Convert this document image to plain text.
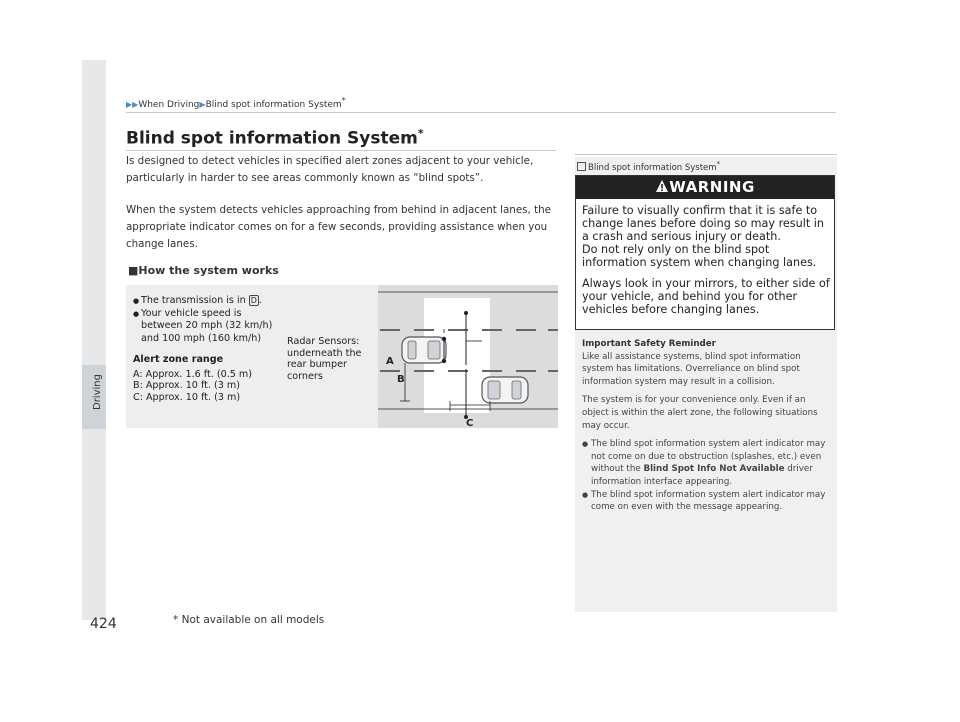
Driving
▶▶When Driving▶Blind spot information System*
Blind spot information System*
Is designed to detect vehicles in specified alert zones adjacent to your vehicle, particularly in harder to see areas commonly known as “blind spots”.
When the system detects vehicles approaching from behind in adjacent lanes, the appropriate indicator comes on for a few seconds, providing assistance when you change lanes.
■How the system works
● The transmission is in D .
● Your vehicle speed is between 20 mph (32 km/h) and 100 mph (160 km/h)
Alert zone range
A: Approx. 1.6 ft. (0.5 m)
B: Approx. 10 ft. (3 m)
C: Approx. 10 ft. (3 m)
Radar Sensors: underneath the rear bumper corners
A
B
C
Blind spot information System*
WARNING

Failure to visually confirm that it is safe to change lanes before doing so may result in a crash and serious injury or death.
Do not rely only on the blind spot information system when changing lanes.

Always look in your mirrors, to either side of your vehicle, and behind you for other vehicles before changing lanes.

Important Safety Reminder

Like all assistance systems, blind spot information system has limitations. Overreliance on blind spot information system may result in a collision.

The system is for your convenience only. Even if an object is within the alert zone, the following situations may occur.

● The blind spot information system alert indicator may not come on due to obstruction (splashes, etc.) even without the Blind Spot Info Not Available driver information interface appearing.
● The blind spot information system alert indicator may come on even with the message appearing.
424	* Not available on all models
